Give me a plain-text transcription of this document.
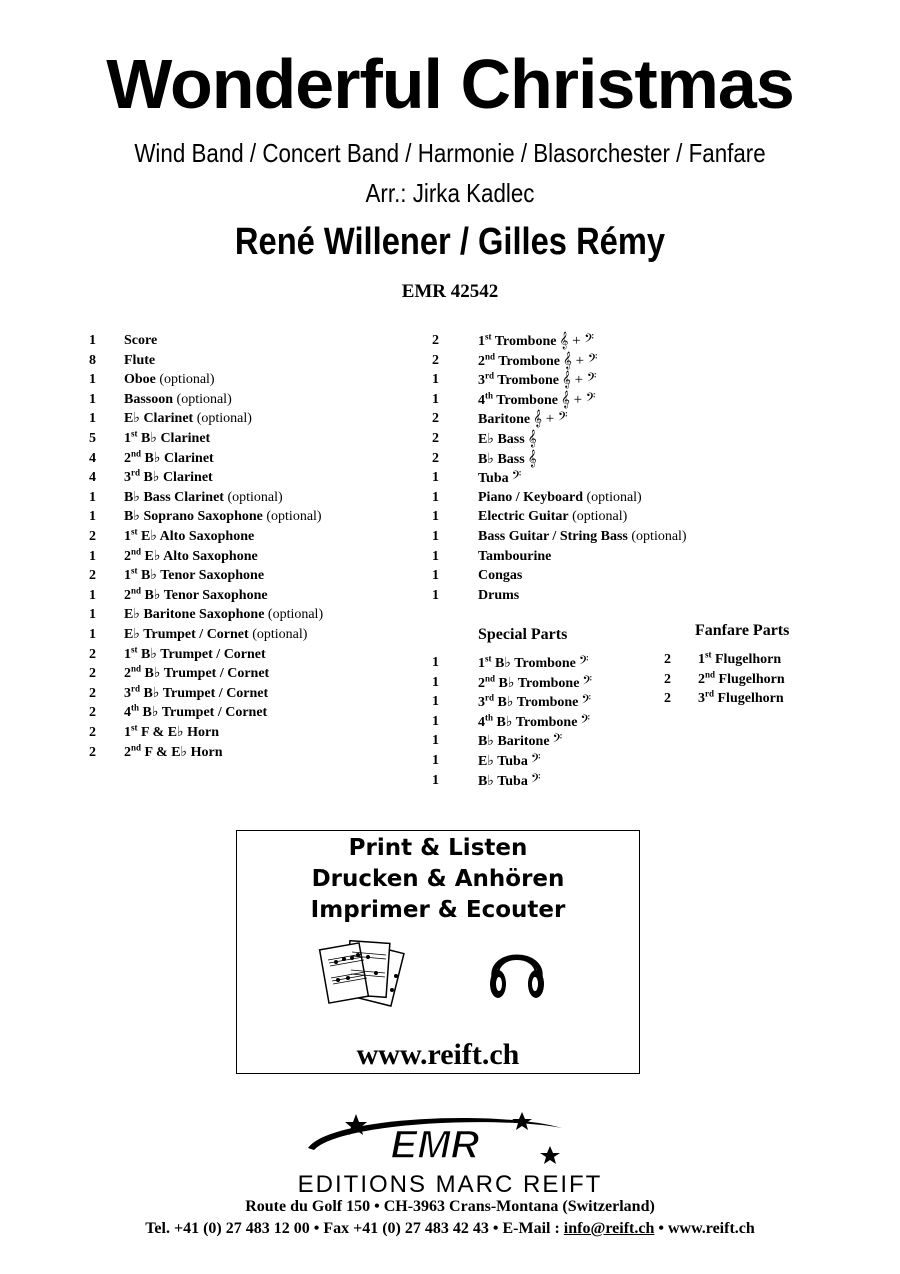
Wonderful Christmas
Wind Band / Concert Band / Harmonie / Blasorchester / Fanfare
Arr.: Jirka Kadlec
René Willener / Gilles Rémy
EMR 42542
1	Score
8	Flute
1	Oboe (optional)
1	Bassoon (optional)
1	E♭ Clarinet (optional)
5	1st B♭ Clarinet
4	2nd B♭ Clarinet
4	3rd B♭ Clarinet
1	B♭ Bass Clarinet (optional)
1	B♭ Soprano Saxophone (optional)
2	1st E♭ Alto Saxophone
1	2nd E♭ Alto Saxophone
2	1st B♭ Tenor Saxophone
1	2nd B♭ Tenor Saxophone
1	E♭ Baritone Saxophone (optional)
1	E♭ Trumpet / Cornet (optional)
2	1st B♭ Trumpet / Cornet
2	2nd B♭ Trumpet / Cornet
2	3rd B♭ Trumpet / Cornet
2	4th B♭ Trumpet / Cornet
2	1st F & E♭ Horn
2	2nd F & E♭ Horn
2	1st Trombone 𝄞 + 𝄢
2	2nd Trombone 𝄞 + 𝄢
1	3rd Trombone 𝄞 + 𝄢
1	4th Trombone 𝄞 + 𝄢
2	Baritone 𝄞 + 𝄢
2	E♭ Bass 𝄞
2	B♭ Bass 𝄞
1	Tuba 𝄢
1	Piano / Keyboard (optional)
1	Electric Guitar (optional)
1	Bass Guitar / String Bass (optional)
1	Tambourine
1	Congas
1	Drums
Special Parts
1	1st B♭ Trombone 𝄢
1	2nd B♭ Trombone 𝄢
1	3rd B♭ Trombone 𝄢
1	4th B♭ Trombone 𝄢
1	B♭ Baritone 𝄢
1	E♭ Tuba 𝄢
1	B♭ Tuba 𝄢
Fanfare Parts
2	1st Flugelhorn
2	2nd Flugelhorn
2	3rd Flugelhorn
Print & Listen
Drucken & Anhören
Imprimer & Ecouter
www.reift.ch
EMR
EDITIONS MARC REIFT
Route du Golf 150 • CH-3963 Crans-Montana (Switzerland)
Tel. +41 (0) 27 483 12 00 • Fax +41 (0) 27 483 42 43 • E-Mail : info@reift.ch • www.reift.ch
